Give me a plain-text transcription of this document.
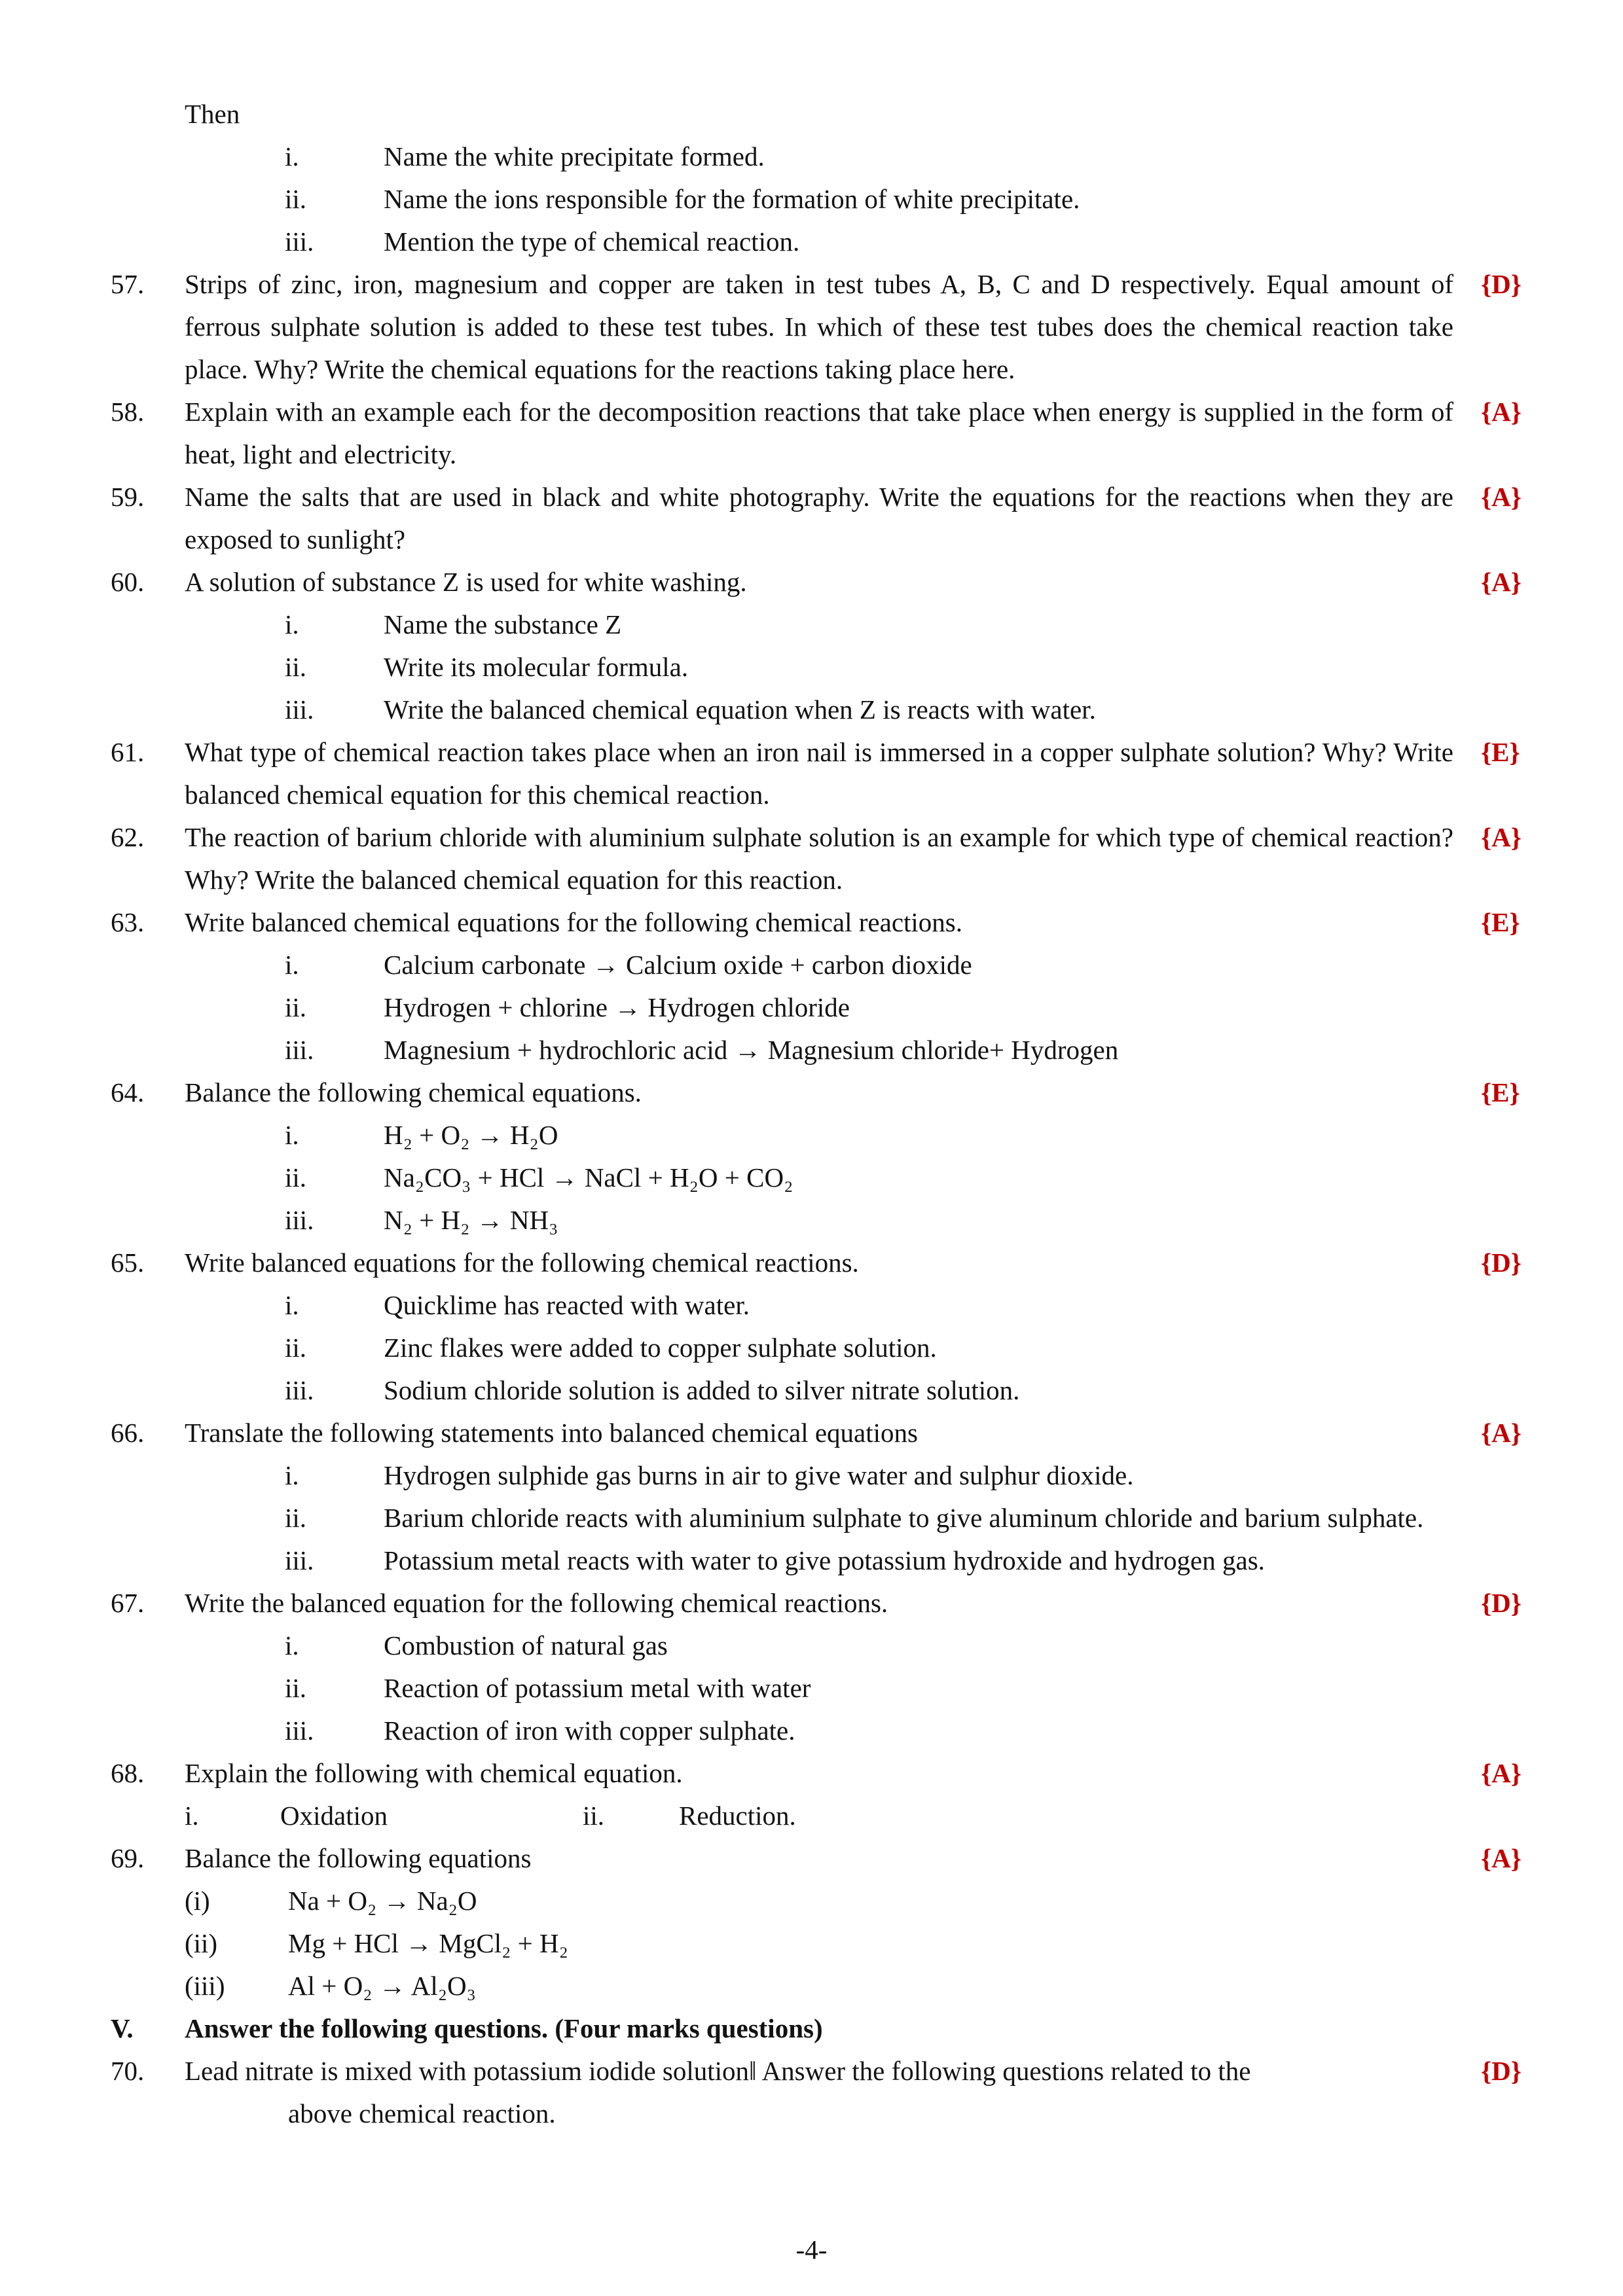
Then
i.	Name the white precipitate formed.
ii.	Name the ions responsible for the formation of white precipitate.
iii.	Mention the type of chemical reaction.
57. Strips of zinc, iron, magnesium and copper are taken in test tubes A, B, C and D respectively. Equal amount of ferrous sulphate solution is added to these test tubes. In which of these test tubes does the chemical reaction take place. Why? Write the chemical equations for the reactions taking place here.
{D}
58. Explain with an example each for the decomposition reactions that take place when energy is supplied in the form of heat, light and electricity.
{A}
59. Name the salts that are used in black and white photography. Write the equations for the reactions when they are exposed to sunlight?
{A}
60. A solution of substance Z is used for white washing.	{A}
i.	Name the substance Z
ii.	Write its molecular formula.
iii.	Write the balanced chemical equation when Z is reacts with water.
61. What type of chemical reaction takes place when an iron nail is immersed in a copper sulphate solution? Why? Write balanced chemical equation for this chemical reaction.
{E}
62. The reaction of barium chloride with aluminium sulphate solution is an example for which type of chemical reaction? Why? Write the balanced chemical equation for this reaction.
{A}
63. Write balanced chemical equations for the following chemical reactions.	{E}
i.	Calcium carbonate → Calcium oxide + carbon dioxide
ii.	Hydrogen + chlorine → Hydrogen chloride
iii.	Magnesium + hydrochloric acid → Magnesium chloride+ Hydrogen
64. Balance the following chemical equations.	{E}
i.	H₂ + O₂ → H₂O
ii.	Na₂CO₃ + HCl → NaCl + H₂O + CO₂
iii.	N₂ + H₂ → NH₃
65. Write balanced equations for the following chemical reactions.	{D}
i.	Quicklime has reacted with water.
ii.	Zinc flakes were added to copper sulphate solution.
iii.	Sodium chloride solution is added to silver nitrate solution.
66. Translate the following statements into balanced chemical equations	{A}
i.	Hydrogen sulphide gas burns in air to give water and sulphur dioxide.
ii.	Barium chloride reacts with aluminium sulphate to give aluminum chloride and barium sulphate.
iii.	Potassium metal reacts with water to give potassium hydroxide and hydrogen gas.
67. Write the balanced equation for the following chemical reactions.	{D}
i.	Combustion of natural gas
ii.	Reaction of potassium metal with water
iii.	Reaction of iron with copper sulphate.
68. Explain the following with chemical equation.	{A}
i.	Oxidation	ii.	Reduction.
69. Balance the following equations	{A}
(i)	Na + O₂ → Na₂O
(ii)	Mg + HCl → MgCl₂ + H₂
(iii) Al + O₂ → Al₂O₃
V. Answer the following questions. (Four marks questions)
70. Lead nitrate is mixed with potassium iodide solution‖ Answer the following questions related to the	{D}
above chemical reaction.
-4-
